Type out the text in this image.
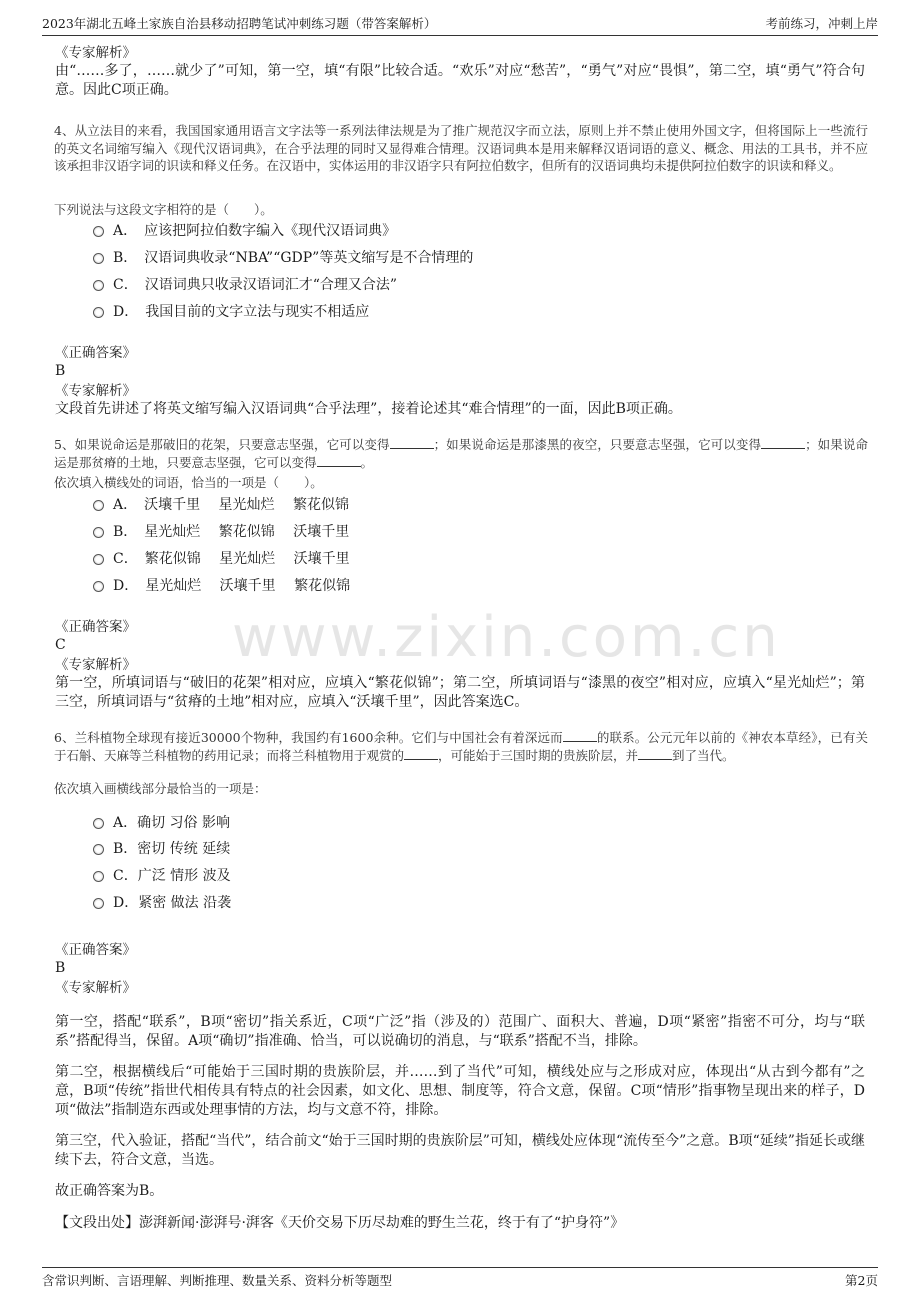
2023年湖北五峰土家族自治县移动招聘笔试冲刺练习题（带答案解析）	考前练习，冲刺上岸
www.zixin.com.cn
《专家解析》
由“……多了，……就少了”可知，第一空，填“有限”比较合适。“欢乐”对应“愁苦”，“勇气”对应“畏惧”，第二空，填“勇气”符合句意。因此C项正确。
4、从立法目的来看，我国国家通用语言文字法等一系列法律法规是为了推广规范汉字而立法，原则上并不禁止使用外国文字，但将国际上一些流行的英文名词缩写编入《现代汉语词典》，在合乎法理的同时又显得难合情理。汉语词典本是用来解释汉语词语的意义、概念、用法的工具书，并不应该承担非汉语字词的识读和释义任务。在汉语中，实体运用的非汉语字只有阿拉伯数字，但所有的汉语词典均未提供阿拉伯数字的识读和释义。
下列说法与这段文字相符的是（　　）。
A．　应该把阿拉伯数字编入《现代汉语词典》
B．　汉语词典收录“NBA”“GDP”等英文缩写是不合情理的
C．　汉语词典只收录汉语词汇才“合理又合法”
D．　我国目前的文字立法与现实不相适应
《正确答案》
B
《专家解析》
文段首先讲述了将英文缩写编入汉语词典“合乎法理”，接着论述其“难合情理”的一面，因此B项正确。
5、如果说命运是那破旧的花架，只要意志坚强，它可以变得	；如果说命运是那漆黑的夜空，只要意志坚强，它可以变得	；如果说命运是那贫瘠的土地，只要意志坚强，它可以变得	。
依次填入横线处的词语，恰当的一项是（　　）。
A．　沃壤千里　 星光灿烂　 繁花似锦
B．　星光灿烂　 繁花似锦　 沃壤千里
C．　繁花似锦　 星光灿烂　 沃壤千里
D．　星光灿烂　 沃壤千里　 繁花似锦
《正确答案》
C
《专家解析》
第一空，所填词语与“破旧的花架”相对应，应填入“繁花似锦”；第二空，所填词语与“漆黑的夜空”相对应，应填入“星光灿烂”；第三空，所填词语与“贫瘠的土地”相对应，应填入“沃壤千里”，因此答案选C。
6、兰科植物全球现有接近30000个物种，我国约有1600余种。它们与中国社会有着深远而	的联系。公元元年以前的《神农本草经》，已有关于石斛、天麻等兰科植物的药用记录；而将兰科植物用于观赏的	，可能始于三国时期的贵族阶层，并	到了当代。
依次填入画横线部分最恰当的一项是：
A．确切 习俗 影响
B．密切 传统 延续
C．广泛 情形 波及
D．紧密 做法 沿袭
《正确答案》
B
《专家解析》
第一空，搭配“联系”，B项“密切”指关系近，C项“广泛”指（涉及的）范围广、面积大、普遍，D项“紧密”指密不可分，均与“联系”搭配得当，保留。A项“确切”指准确、恰当，可以说确切的消息，与“联系”搭配不当，排除。
第二空，根据横线后“可能始于三国时期的贵族阶层，并……到了当代”可知，横线处应与之形成对应，体现出“从古到今都有”之意，B项“传统”指世代相传具有特点的社会因素，如文化、思想、制度等，符合文意，保留。C项“情形”指事物呈现出来的样子，D项“做法”指制造东西或处理事情的方法，均与文意不符，排除。
第三空，代入验证，搭配“当代”，结合前文“始于三国时期的贵族阶层”可知，横线处应体现“流传至今”之意。B项“延续”指延长或继续下去，符合文意，当选。
故正确答案为B。
【文段出处】澎湃新闻·澎湃号·湃客《天价交易下历尽劫难的野生兰花，终于有了“护身符”》
含常识判断、言语理解、判断推理、数量关系、资料分析等题型	第2页
